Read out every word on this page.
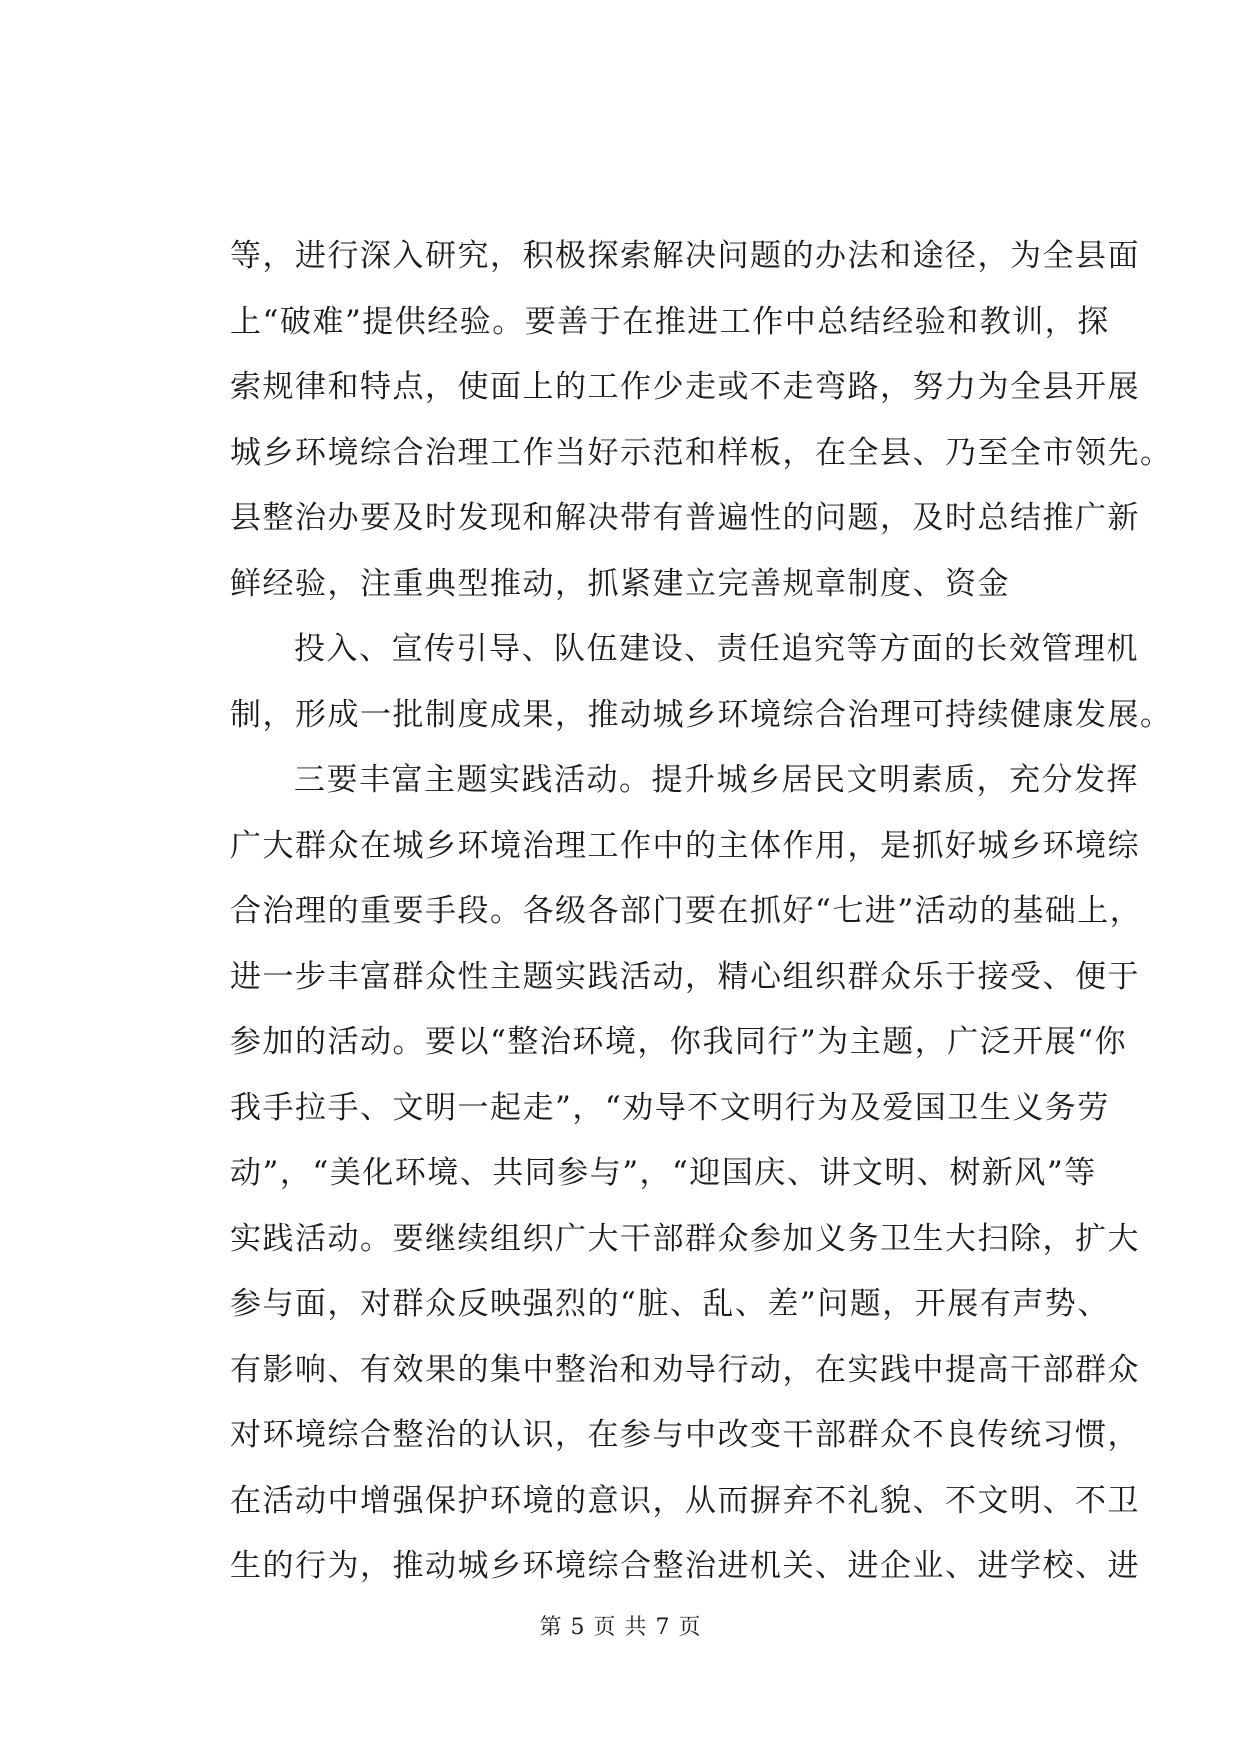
等，进行深入研究，积极探索解决问题的办法和途径，为全县面
上“破难”提供经验。要善于在推进工作中总结经验和教训，探
索规律和特点，使面上的工作少走或不走弯路，努力为全县开展
城乡环境综合治理工作当好示范和样板，在全县、乃至全市领先。
县整治办要及时发现和解决带有普遍性的问题，及时总结推广新
鲜经验，注重典型推动，抓紧建立完善规章制度、资金
投入、宣传引导、队伍建设、责任追究等方面的长效管理机
制，形成一批制度成果，推动城乡环境综合治理可持续健康发展。
三要丰富主题实践活动。提升城乡居民文明素质，充分发挥
广大群众在城乡环境治理工作中的主体作用，是抓好城乡环境综
合治理的重要手段。各级各部门要在抓好“七进”活动的基础上，
进一步丰富群众性主题实践活动，精心组织群众乐于接受、便于
参加的活动。要以“整治环境，你我同行”为主题，广泛开展“你
我手拉手、文明一起走”，“劝导不文明行为及爱国卫生义务劳
动”，“美化环境、共同参与”，“迎国庆、讲文明、树新风”等
实践活动。要继续组织广大干部群众参加义务卫生大扫除，扩大
参与面，对群众反映强烈的“脏、乱、差”问题，开展有声势、
有影响、有效果的集中整治和劝导行动，在实践中提高干部群众
对环境综合整治的认识，在参与中改变干部群众不良传统习惯，
在活动中增强保护环境的意识，从而摒弃不礼貌、不文明、不卫
生的行为，推动城乡环境综合整治进机关、进企业、进学校、进
第 5 页 共 7 页
